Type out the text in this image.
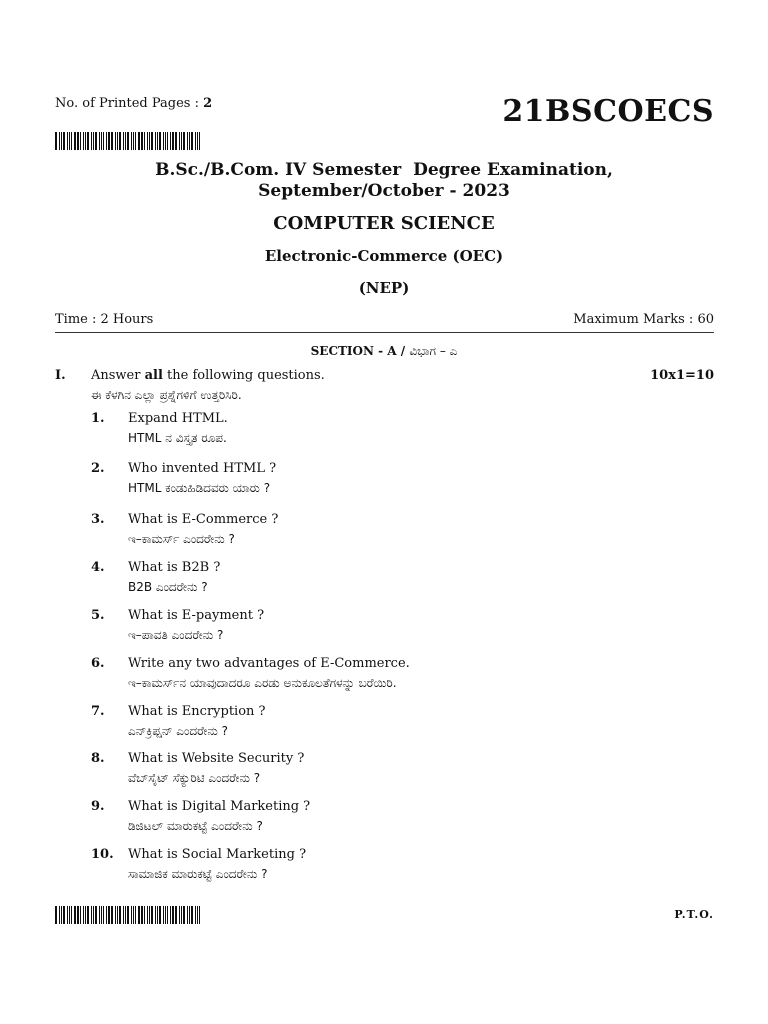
No. of Printed Pages : 2	21BSCOECS
B.Sc./B.Com. IV Semester  Degree Examination,
September/October - 2023
COMPUTER SCIENCE
Electronic-Commerce (OEC)
(NEP)
Time : 2 Hours	Maximum Marks : 60
SECTION - A / ವಿಭಾಗ – ಎ
I. Answer all the following questions.
ಈ ಕೆಳಗಿನ ಎಲ್ಲಾ ಪ್ರಶ್ನೆಗಳಿಗೆ ಉತ್ತರಿಸಿರಿ.
10x1=10
1.	Expand HTML.
HTML ನ ವಿಸ್ತೃತ ರೂಪ.
2.	Who invented HTML ?
HTML ಕಂಡುಹಿಡಿದವರು ಯಾರು ?
3.	What is E-Commerce ?
ಇ–ಕಾಮರ್ಸ್ ಎಂದರೇನು ?
4.	What is B2B ?
B2B ಎಂದರೇನು ?
5.	What is E-payment ?
ಇ–ಪಾವತಿ ಎಂದರೇನು ?
6.	Write any two advantages of E-Commerce.
ಇ–ಕಾಮರ್ಸ್‌ನ ಯಾವುದಾದರೂ ಎರಡು ಅನುಕೂಲತೆಗಳನ್ನು ಬರೆಯಿರಿ.
7.	What is Encryption ?
ಎನ್‌ಕ್ರಿಪ್ಷನ್ ಎಂದರೇನು ?
8.	What is Website Security ?
ವೆಬ್‌ಸೈಟ್ ಸೆಕ್ಯುರಿಟಿ ಎಂದರೇನು ?
9.	What is Digital Marketing ?
ಡಿಜಿಟಲ್ ಮಾರುಕಟ್ಟೆ ಎಂದರೇನು ?
10.	What is Social Marketing ?
ಸಾಮಾಜಿಕ ಮಾರುಕಟ್ಟೆ ಎಂದರೇನು ?
P.T.O.
